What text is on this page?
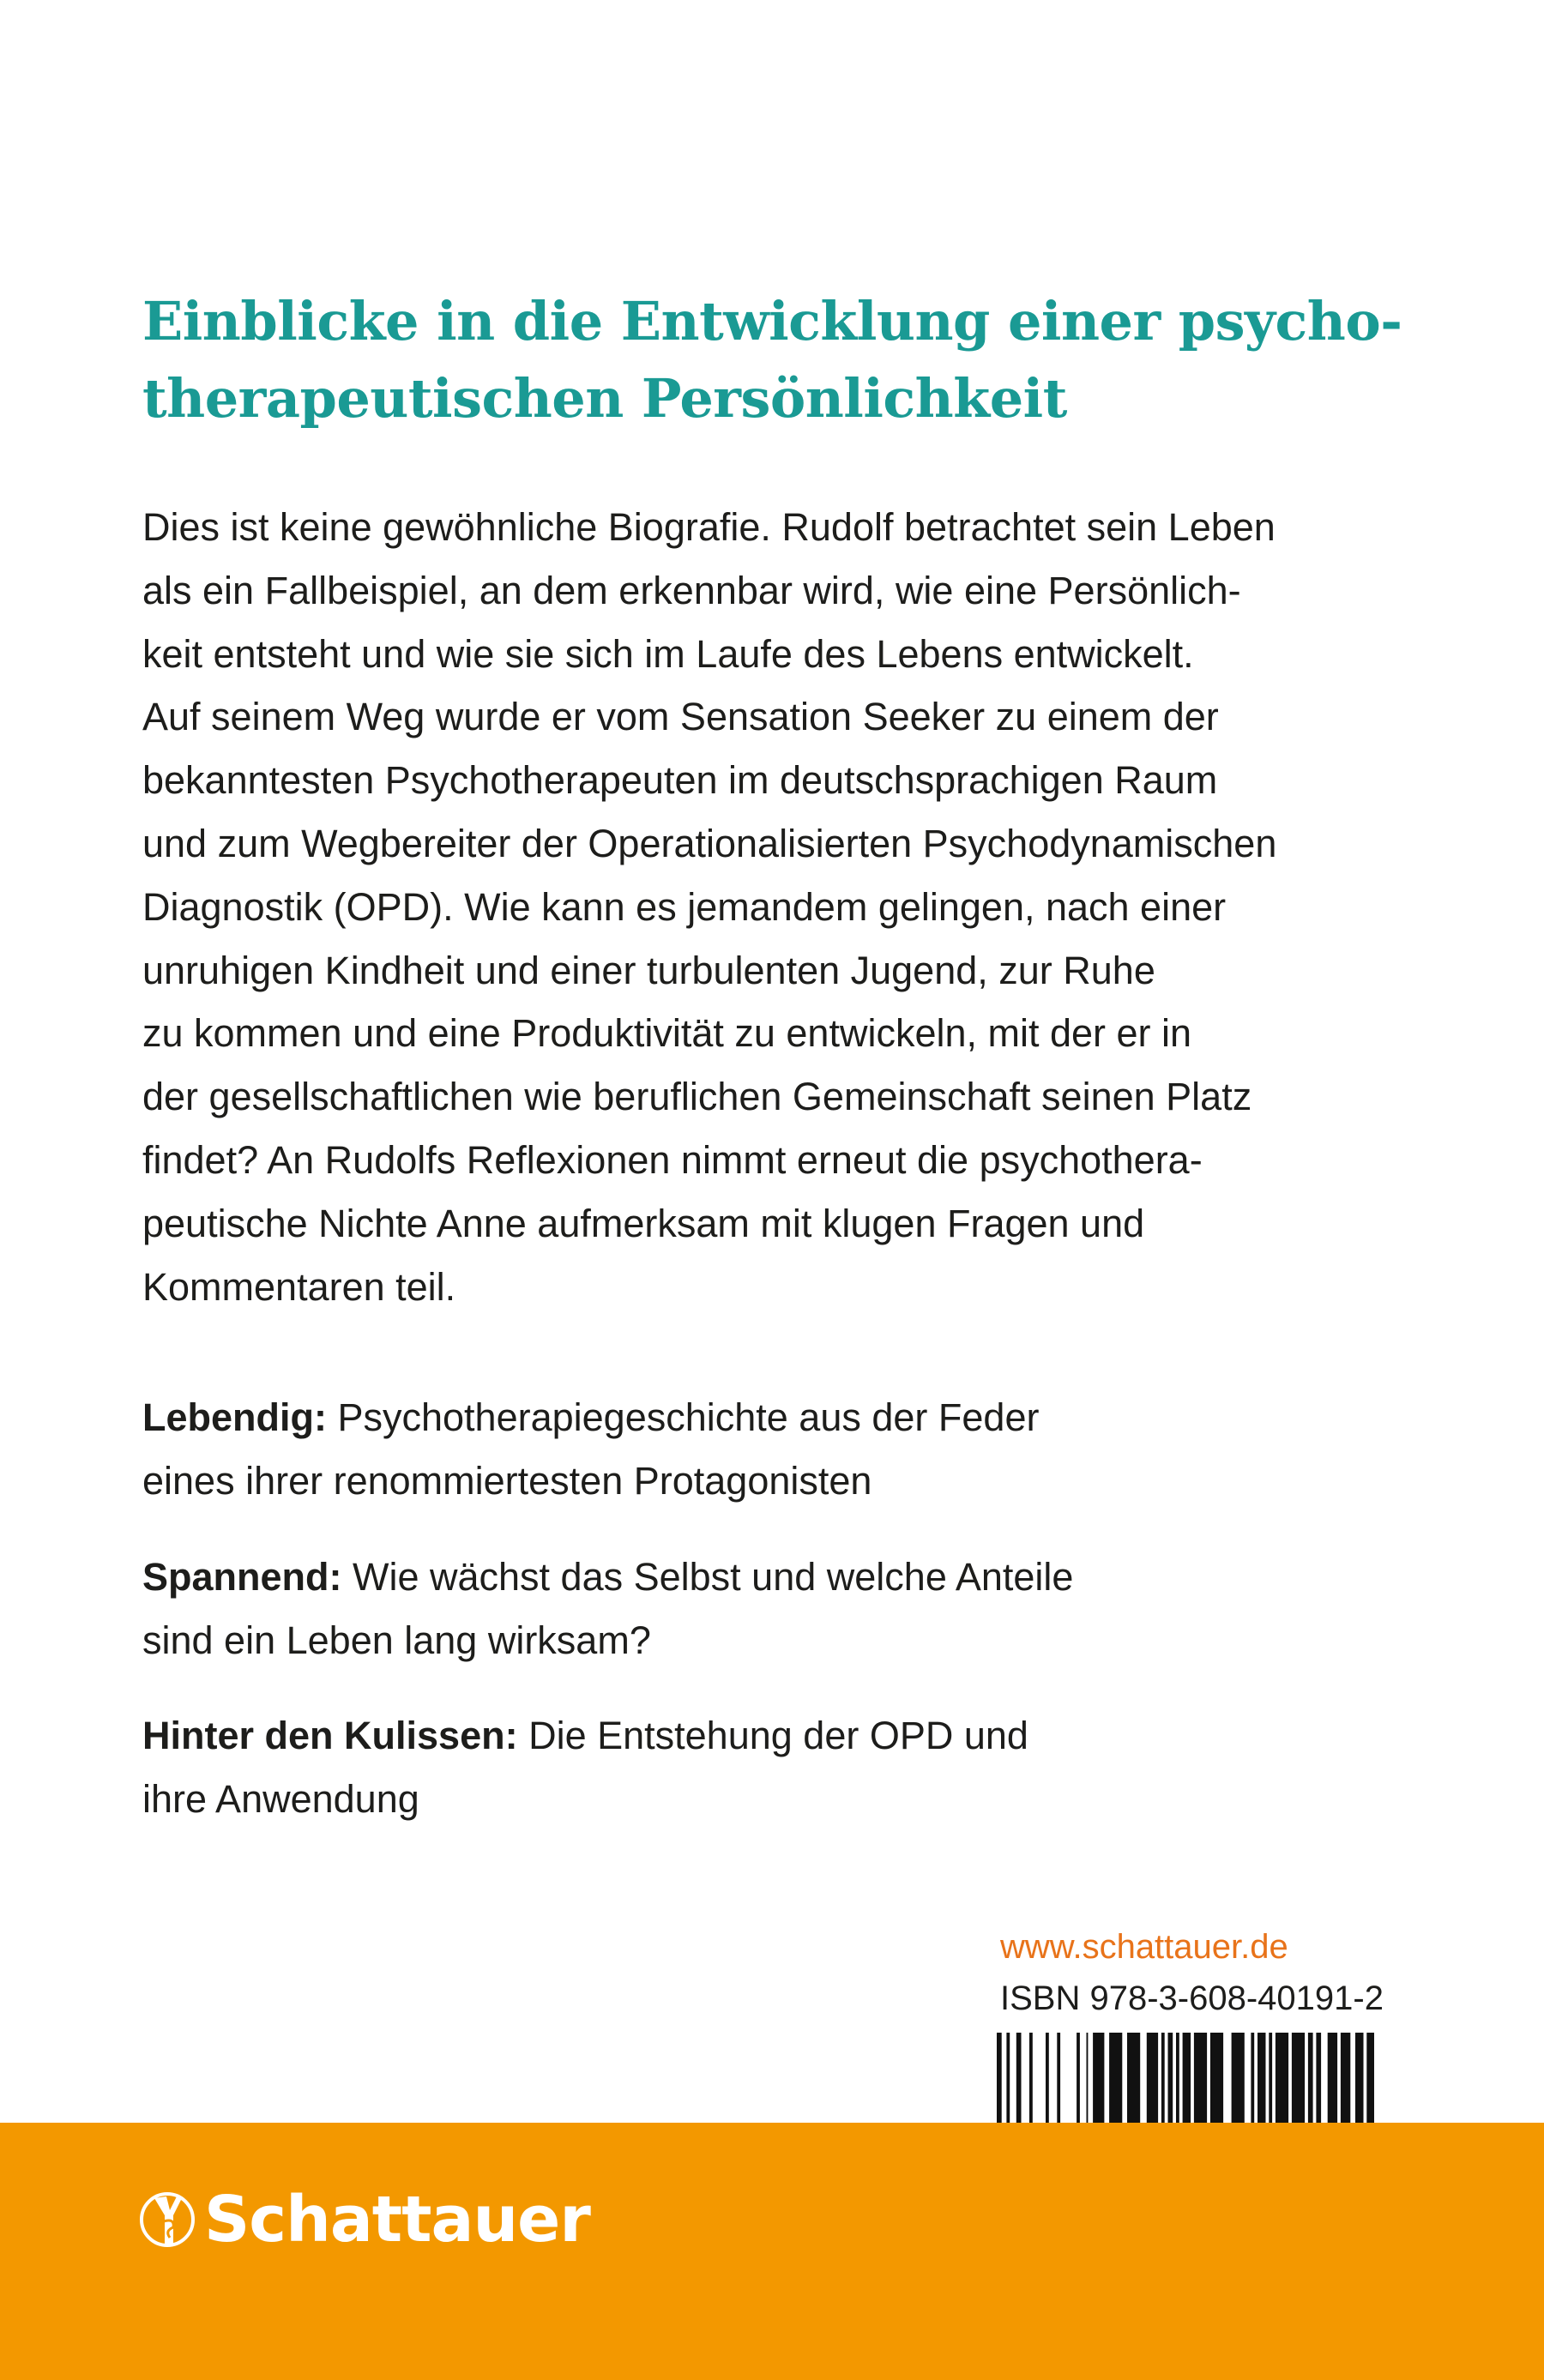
Einblicke in die Entwicklung einer psycho-
therapeutischen Persönlichkeit
Dies ist keine gewöhnliche Biografie. Rudolf betrachtet sein Leben
als ein Fallbeispiel, an dem erkennbar wird, wie eine Persönlich-
keit entsteht und wie sie sich im Laufe des Lebens entwickelt.
Auf seinem Weg wurde er vom Sensation Seeker zu einem der
bekanntesten Psychotherapeuten im deutschsprachigen Raum
und zum Wegbereiter der Operationalisierten Psychodynamischen
Diagnostik (OPD). Wie kann es jemandem gelingen, nach einer
unruhigen Kindheit und einer turbulenten Jugend, zur Ruhe
zu kommen und eine Produktivität zu entwickeln, mit der er in
der gesellschaftlichen wie beruflichen Gemeinschaft seinen Platz
findet? An Rudolfs Reflexionen nimmt erneut die psychothera-
peutische Nichte Anne aufmerksam mit klugen Fragen und
Kommentaren teil.
Lebendig: Psychotherapiegeschichte aus der Feder
eines ihrer renommiertesten Protagonisten
Spannend: Wie wächst das Selbst und welche Anteile
sind ein Leben lang wirksam?
Hinter den Kulissen: Die Entstehung der OPD und
ihre Anwendung
www.schattauer.de
ISBN 978-3-608-40191-2
Schattauer
